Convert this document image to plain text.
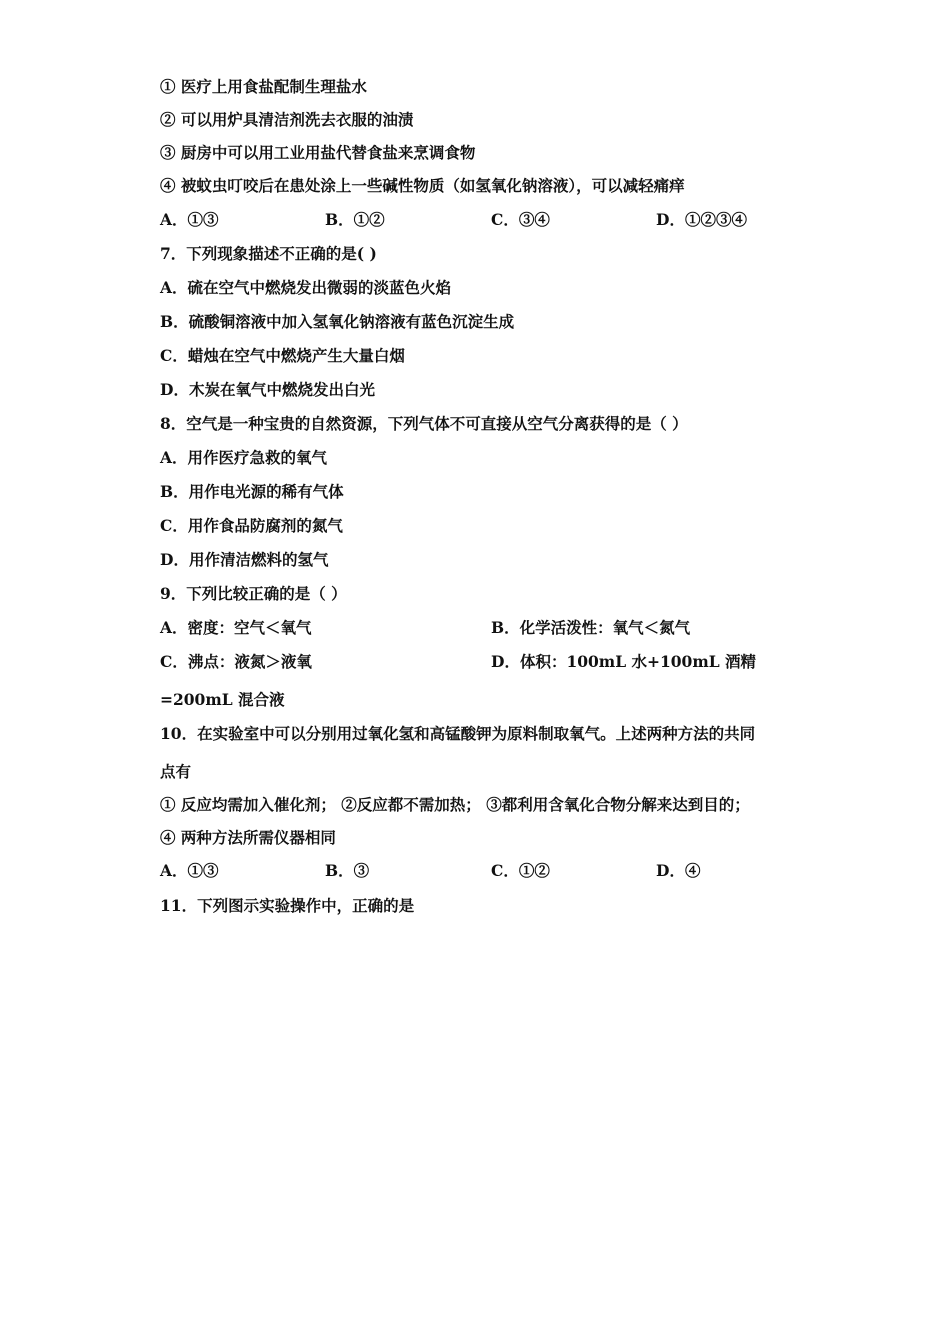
① 医疗上用食盐配制生理盐水
② 可以用炉具清洁剂洗去衣服的油渍
③ 厨房中可以用工业用盐代替食盐来烹调食物
④ 被蚊虫叮咬后在患处涂上一些碱性物质（如氢氧化钠溶液），可以减轻痛痒
A．①③	B．①②	C．③④	D．①②③④
7．下列现象描述不正确的是( )
A．硫在空气中燃烧发出微弱的淡蓝色火焰
B．硫酸铜溶液中加入氢氧化钠溶液有蓝色沉淀生成
C．蜡烛在空气中燃烧产生大量白烟
D．木炭在氧气中燃烧发出白光
8．空气是一种宝贵的自然资源，下列气体不可直接从空气分离获得的是（ ）
A．用作医疗急救的氧气
B．用作电光源的稀有气体
C．用作食品防腐剂的氮气
D．用作清洁燃料的氢气
9．下列比较正确的是（ ）
A．密度：空气＜氧气	B．化学活泼性：氧气＜氮气
C．沸点：液氮＞液氧	D．体积：100mL 水+100mL 酒精
=200mL 混合液
10．在实验室中可以分别用过氧化氢和高锰酸钾为原料制取氧气。上述两种方法的共同
点有
① 反应均需加入催化剂； ②反应都不需加热； ③都利用含氧化合物分解来达到目的；
④ 两种方法所需仪器相同
A．①③	B．③	C．①②	D．④
11．下列图示实验操作中，正确的是
